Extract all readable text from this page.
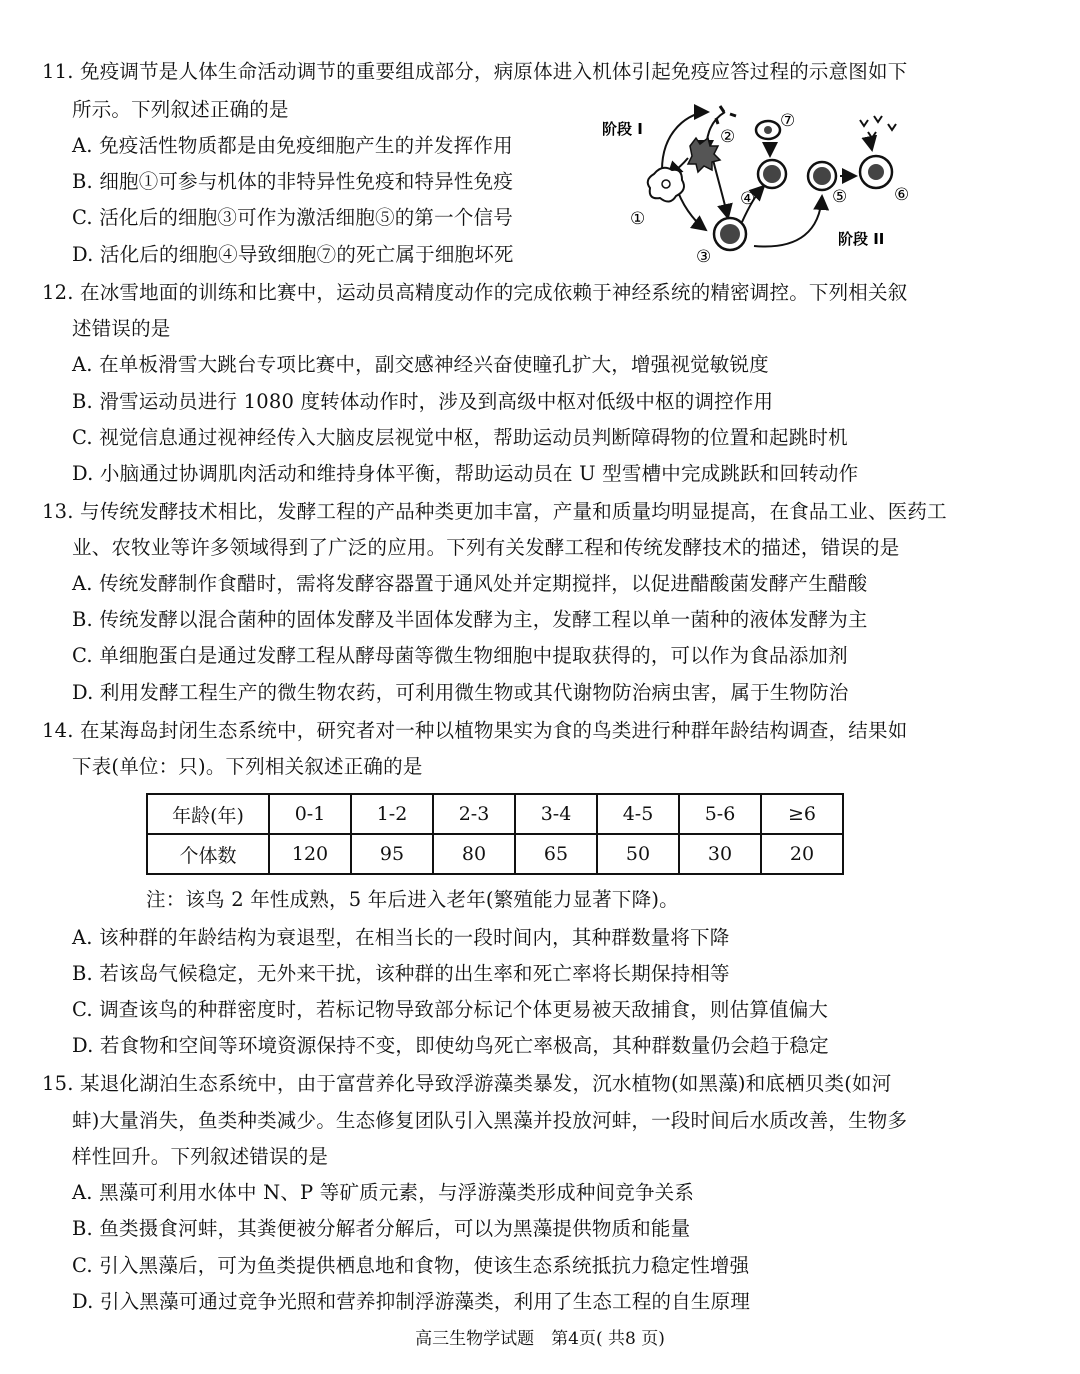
11. 免疫调节是人体生命活动调节的重要组成部分，病原体进入机体引起免疫应答过程的示意图如下
所示。下列叙述正确的是
A. 免疫活性物质都是由免疫细胞产生的并发挥作用
B. 细胞①可参与机体的非特异性免疫和特异性免疫
C. 活化后的细胞③可作为激活细胞⑤的第一个信号
D. 活化后的细胞④导致细胞⑦的死亡属于细胞坏死
阶段 I
阶段 II
①
②
③
④	⑤	⑥
⑦
12. 在冰雪地面的训练和比赛中，运动员高精度动作的完成依赖于神经系统的精密调控。下列相关叙
述错误的是
A. 在单板滑雪大跳台专项比赛中，副交感神经兴奋使瞳孔扩大，增强视觉敏锐度
B. 滑雪运动员进行 1080 度转体动作时，涉及到高级中枢对低级中枢的调控作用
C. 视觉信息通过视神经传入大脑皮层视觉中枢，帮助运动员判断障碍物的位置和起跳时机
D. 小脑通过协调肌肉活动和维持身体平衡，帮助运动员在 U 型雪槽中完成跳跃和回转动作
13. 与传统发酵技术相比，发酵工程的产品种类更加丰富，产量和质量均明显提高，在食品工业、医药工
业、农牧业等许多领域得到了广泛的应用。下列有关发酵工程和传统发酵技术的描述，错误的是
A. 传统发酵制作食醋时，需将发酵容器置于通风处并定期搅拌，以促进醋酸菌发酵产生醋酸
B. 传统发酵以混合菌种的固体发酵及半固体发酵为主，发酵工程以单一菌种的液体发酵为主
C. 单细胞蛋白是通过发酵工程从酵母菌等微生物细胞中提取获得的，可以作为食品添加剂
D. 利用发酵工程生产的微生物农药，可利用微生物或其代谢物防治病虫害，属于生物防治
14. 在某海岛封闭生态系统中，研究者对一种以植物果实为食的鸟类进行种群年龄结构调查，结果如
下表(单位：只)。下列相关叙述正确的是
年龄(年)	0-1	1-2	2-3	3-4	4-5	5-6	≥6
个体数	120	95	80	65	50	30	20
注：该鸟 2 年性成熟，5 年后进入老年(繁殖能力显著下降)。
A. 该种群的年龄结构为衰退型，在相当长的一段时间内，其种群数量将下降
B. 若该岛气候稳定，无外来干扰，该种群的出生率和死亡率将长期保持相等
C. 调查该鸟的种群密度时，若标记物导致部分标记个体更易被天敌捕食，则估算值偏大
D. 若食物和空间等环境资源保持不变，即使幼鸟死亡率极高，其种群数量仍会趋于稳定
15. 某退化湖泊生态系统中，由于富营养化导致浮游藻类暴发，沉水植物(如黑藻)和底栖贝类(如河
蚌)大量消失，鱼类种类减少。生态修复团队引入黑藻并投放河蚌，一段时间后水质改善，生物多
样性回升。下列叙述错误的是
A. 黑藻可利用水体中 N、P 等矿质元素，与浮游藻类形成种间竞争关系
B. 鱼类摄食河蚌，其粪便被分解者分解后，可以为黑藻提供物质和能量
C. 引入黑藻后，可为鱼类提供栖息地和食物，使该生态系统抵抗力稳定性增强
D. 引入黑藻可通过竞争光照和营养抑制浮游藻类，利用了生态工程的自生原理
高三生物学试题　第4页( 共8 页)
